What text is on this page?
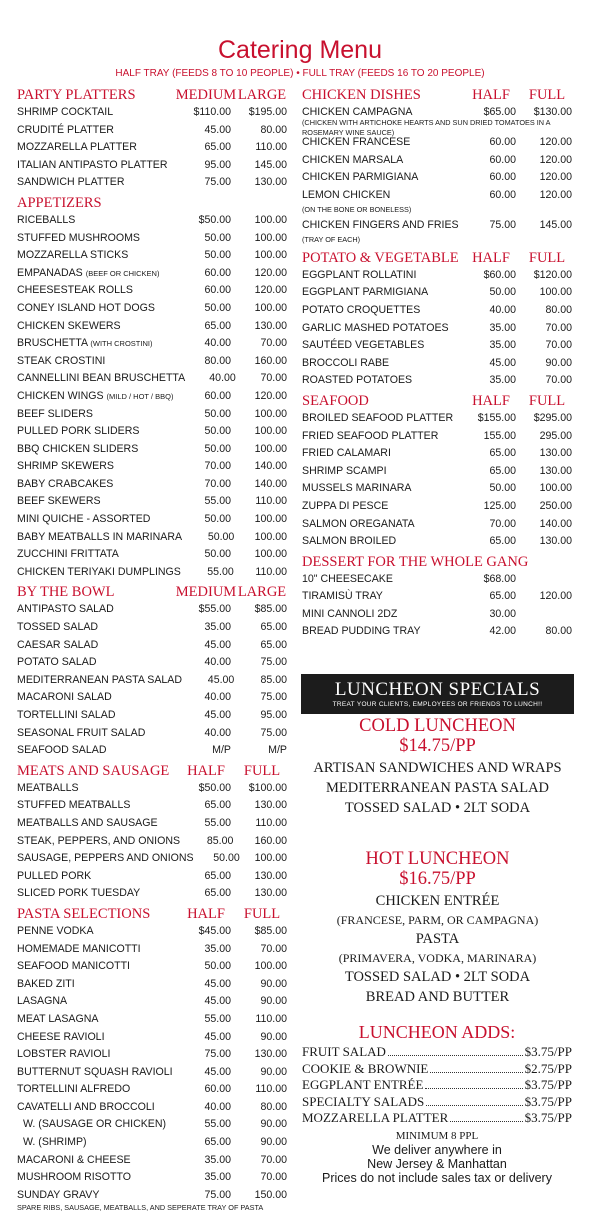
Catering Menu
HALF TRAY (FEEDS 8 TO 10 PEOPLE) • FULL TRAY (FEEDS 16 TO 20 PEOPLE)
PARTY PLATTERS	MEDIUM LARGE
SHRIMP COCKTAIL	$110.00	$195.00
CRUDITÉ PLATTER	45.00	80.00
MOZZARELLA PLATTER	65.00	110.00
ITALIAN ANTIPASTO PLATTER	95.00	145.00
SANDWICH PLATTER	75.00	130.00
APPETIZERS
RICEBALLS	$50.00	100.00
STUFFED MUSHROOMS	50.00	100.00
MOZZARELLA STICKS	50.00	100.00
EMPANADAS (BEEF OR CHICKEN)	60.00	120.00
CHEESESTEAK ROLLS	60.00	120.00
CONEY ISLAND HOT DOGS	50.00	100.00
CHICKEN SKEWERS	65.00	130.00
BRUSCHETTA (WITH CROSTINI)	40.00	70.00
STEAK CROSTINI	80.00	160.00
CANNELLINI BEAN BRUSCHETTA	40.00	70.00
CHICKEN WINGS (MILD / HOT / BBQ)	60.00	120.00
BEEF SLIDERS	50.00	100.00
PULLED PORK SLIDERS	50.00	100.00
BBQ CHICKEN SLIDERS	50.00	100.00
SHRIMP SKEWERS	70.00	140.00
BABY CRABCAKES	70.00	140.00
BEEF SKEWERS	55.00	110.00
MINI QUICHE - ASSORTED	50.00	100.00
BABY MEATBALLS IN MARINARA	50.00	100.00
ZUCCHINI FRITTATA	50.00	100.00
CHICKEN TERIYAKI DUMPLINGS	55.00	110.00
BY THE BOWL	MEDIUM LARGE
ANTIPASTO SALAD	$55.00	$85.00
TOSSED SALAD	35.00	65.00
CAESAR SALAD	45.00	65.00
POTATO SALAD	40.00	75.00
MEDITERRANEAN PASTA SALAD	45.00	85.00
MACARONI SALAD	40.00	75.00
TORTELLINI SALAD	45.00	95.00
SEASONAL FRUIT SALAD	40.00	75.00
SEAFOOD SALAD	M/P	M/P
MEATS AND SAUSAGE	HALF	FULL
MEATBALLS	$50.00	$100.00
STUFFED MEATBALLS	65.00	130.00
MEATBALLS AND SAUSAGE	55.00	110.00
STEAK, PEPPERS, AND ONIONS	85.00	160.00
SAUSAGE, PEPPERS AND ONIONS	50.00	100.00
PULLED PORK	65.00	130.00
SLICED PORK TUESDAY	65.00	130.00
PASTA SELECTIONS	HALF	FULL
PENNE VODKA	$45.00	$85.00
HOMEMADE MANICOTTI	35.00	70.00
SEAFOOD MANICOTTI	50.00	100.00
BAKED ZITI	45.00	90.00
LASAGNA	45.00	90.00
MEAT LASAGNA	55.00	110.00
CHEESE RAVIOLI	45.00	90.00
LOBSTER RAVIOLI	75.00	130.00
BUTTERNUT SQUASH RAVIOLI	45.00	90.00
TORTELLINI ALFREDO	60.00	110.00
CAVATELLI AND BROCCOLI	40.00	80.00
W. (SAUSAGE OR CHICKEN)	55.00	90.00
W. (SHRIMP)	65.00	90.00
MACARONI & CHEESE	35.00	70.00
MUSHROOM RISOTTO	35.00	70.00
SUNDAY GRAVY	75.00	150.00
SPARE RIBS, SAUSAGE, MEATBALLS, AND SEPERATE TRAY OF PASTA
CHICKEN DISHES	HALF	FULL
CHICKEN CAMPAGNA	$65.00	$130.00
(CHICKEN WITH ARTICHOKE HEARTS AND SUN DRIED TOMATOES IN A ROSEMARY WINE SAUCE)
CHICKEN FRANCESE	60.00	120.00
CHICKEN MARSALA	60.00	120.00
CHICKEN PARMIGIANA	60.00	120.00
LEMON CHICKEN	60.00	120.00
(ON THE BONE OR BONELESS)
CHICKEN FINGERS AND FRIES	75.00	145.00
(TRAY OF EACH)
POTATO & VEGETABLE HALF	FULL
EGGPLANT ROLLATINI	$60.00	$120.00
EGGPLANT PARMIGIANA	50.00	100.00
POTATO CROQUETTES	40.00	80.00
GARLIC MASHED POTATOES	35.00	70.00
SAUTÉED VEGETABLES	35.00	70.00
BROCCOLI RABE	45.00	90.00
ROASTED POTATOES	35.00	70.00
SEAFOOD	HALF	FULL
BROILED SEAFOOD PLATTER	$155.00	$295.00
FRIED SEAFOOD PLATTER	155.00	295.00
FRIED CALAMARI	65.00	130.00
SHRIMP SCAMPI	65.00	130.00
MUSSELS MARINARA	50.00	100.00
ZUPPA DI PESCE	125.00	250.00
SALMON OREGANATA	70.00	140.00
SALMON BROILED	65.00	130.00
DESSERT FOR THE WHOLE GANG
10" CHEESECAKE	$68.00
TIRAMISÙ TRAY	65.00	120.00
MINI CANNOLI 2DZ	30.00
BREAD PUDDING TRAY	42.00	80.00
LUNCHEON SPECIALS
TREAT YOUR CLIENTS, EMPLOYEES OR FRIENDS TO LUNCH!!
COLD LUNCHEON
$14.75/PP
ARTISAN SANDWICHES AND WRAPS
MEDITERRANEAN PASTA SALAD
TOSSED SALAD • 2LT SODA
HOT LUNCHEON
$16.75/PP
CHICKEN ENTRÉE
(FRANCESE, PARM, OR CAMPAGNA)
PASTA
(PRIMAVERA, VODKA, MARINARA)
TOSSED SALAD • 2LT SODA
BREAD AND BUTTER
LUNCHEON ADDS:
FRUIT SALAD	$3.75/PP
COOKIE & BROWNIE	$2.75/PP
EGGPLANT ENTRÉE	$3.75/PP
SPECIALTY SALADS	$3.75/PP
MOZZARELLA PLATTER	$3.75/PP
MINIMUM 8 PPL
We deliver anywhere in
New Jersey & Manhattan
Prices do not include sales tax or delivery
